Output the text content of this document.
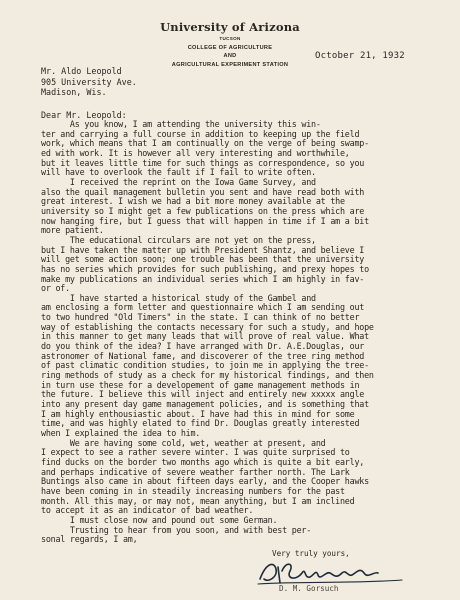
University of Arizona
TUCSON
COLLEGE OF AGRICULTURE
AND
AGRICULTURAL EXPERIMENT STATION
October 21, 1932
Mr. Aldo Leopold
905 University Ave.
Madison, Wis.
Dear Mr. Leopold:
As you know, I am attending the university this win-
ter and carrying a full course in addition to keeping up the field
work, which means that I am continually on the verge of being swamp-
ed with work. It is however all very interesting and worthwhile,
but it leaves little time for such things as correspondence, so you
will have to overlook the fault if I fail to write often.
I received the reprint on the Iowa Game Survey, and
also the quail management bulletin you sent and have read both with
great interest. I wish we had a bit more money available at the
university so I might get a few publications on the press which are
now hanging fire, but I guess that will happen in time if I am a bit
more patient.
The educational circulars are not yet on the press,
but I have taken the matter up with President Shantz, and believe I
will get some action soon; one trouble has been that the university
has no series which provides for such publishing, and prexy hopes to
make my publications an individual series which I am highly in fav-
or of.
I have started a historical study of the Gambel and
am enclosing a form letter and questionnaire which I am sending out
to two hundred "Old Timers" in the state. I can think of no better
way of establishing the contacts necessary for such a study, and hope
in this manner to get many leads that will prove of real value. What
do you think of the idea? I have arranged with Dr. A.E.Douglas, our
astronomer of National fame, and discoverer of the tree ring method
of past climatic condition studies, to join me in applying the tree-
ring methods of study as a check for my historical findings, and then
in turn use these for a developement of game management methods in
the future. I believe this will inject and entirely new xxxxx angle
into any present day game management policies, and is something that
I am highly enthousiastic about. I have had this in mind for some
time, and was highly elated to find Dr. Douglas greatly interested
when I explained the idea to him.
We are having some cold, wet, weather at present, and
I expect to see a rather severe winter. I was quite surprised to
find ducks on the border two months ago which is quite a bit early,
and perhaps indicative of severe weather farther north. The Lark
Buntings also came in about fifteen days early, and the Cooper hawks
have been coming in in steadily increasing numbers for the past
month. All this may, or may not, mean anything, but I am inclined
to accept it as an indicator of bad weather.
I must close now and pound out some German.
Trusting to hear from you soon, and with best per-
sonal regards, I am,
Very truly yours,
D. M. Gorsuch
